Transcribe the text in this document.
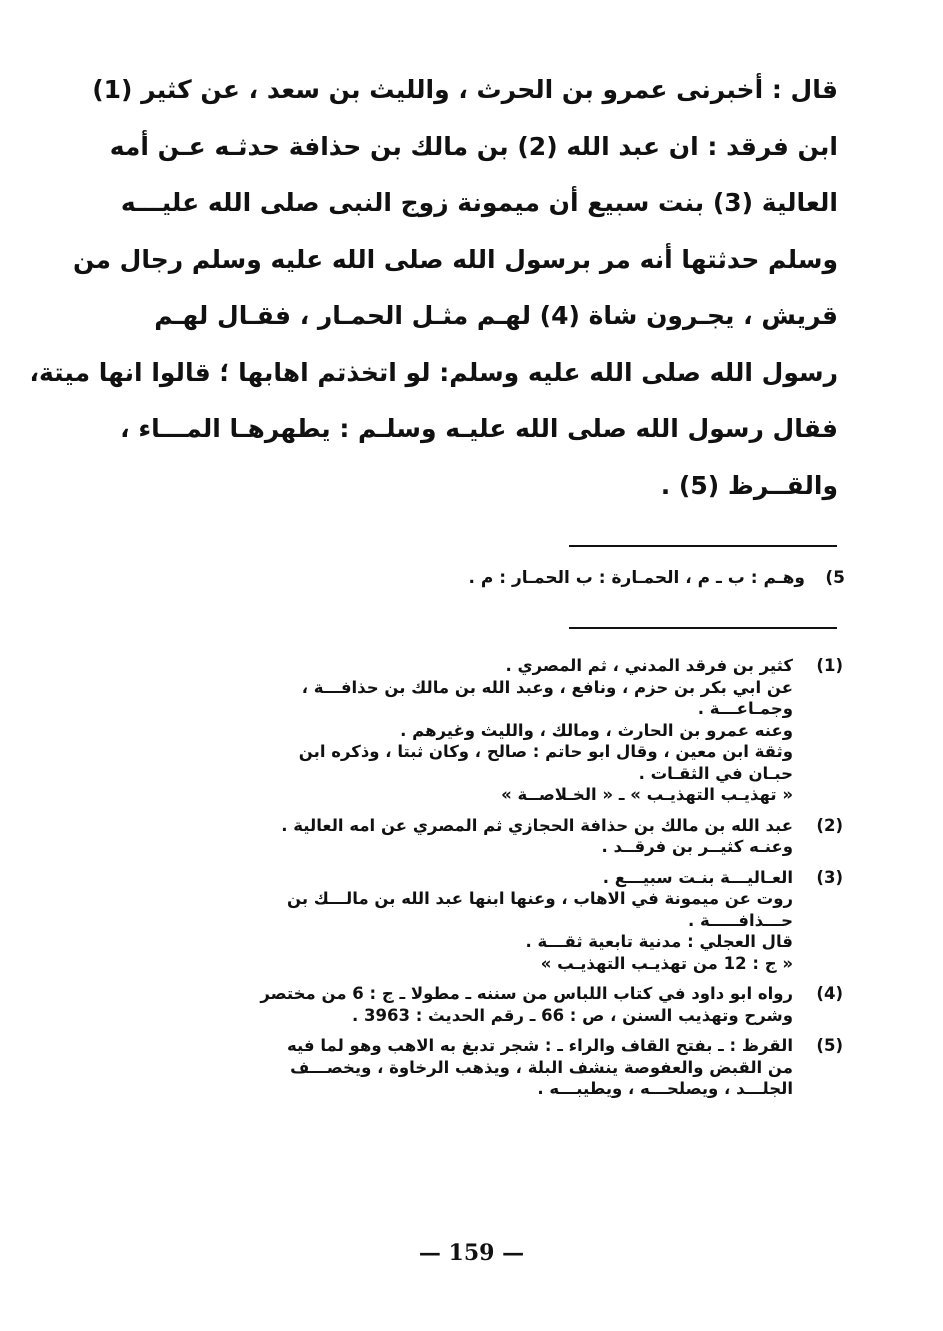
قال : أخبرنى عمرو بن الحرث ، والليث بن سعد ، عن كثير (1)
ابن فرقد : ان عبد الله (2) بن مالك بن حذافة حدثـه عـن أمه
العالية (3) بنت سبيع أن ميمونة زوج النبى صلى الله عليـــه
وسلم حدثتها أنه مر برسول الله صلى الله عليه وسلم رجال من
قريش ، يجـرون شاة (4) لهـم مثـل الحمـار ، فقـال لهـم
رسول الله صلى الله عليه وسلم: لو اتخذتم اهابها ؛ قالوا انها ميتة،
فقال رسول الله صلى الله عليـه وسلـم : يطهرهـا المـــاء ،
والقــرظ (5) .
5)وهـم : ب ـ م ، الحمـارة : ب الحمـار : م .
(1)
كثير بن فرقد المدني ، ثم المصري .
عن ابي بكر بن حزم ، ونافع ، وعبد الله بن مالك بن حذافـــة ،
وجمـاعـــة .
وعنه عمرو بن الحارث ، ومالك ، والليث وغيرهم .
وثقة ابن معين ، وقال ابو حاتم : صالح ، وكان ثبتا ، وذكره ابن
حبـان في الثقـات .
« تهذيـب التهذيـب » ـ « الخـلاصــة »
(2)
عبد الله بن مالك بن حذافة الحجازي ثم المصري عن امه العالية .
وعنـه كثيــر بن فرقــد .
(3)
العـاليـــة بنـت سبيـــع .
روت عن ميمونة في الاهاب ، وعنها ابنها عبد الله بن مالـــك بن
حـــذافـــــة .
قال العجلي : مدنية تابعية ثقـــة .
« ج : 12 من تهذيـب التهذيـب »
(4)
رواه ابو داود في كتاب اللباس من سننه ـ مطولا ـ ج : 6 من مختصر
وشرح وتهذيب السنن ، ص : 66 ـ رقم الحديث : 3963 .
(5)
القرظ : ـ بفتح القاف والراء ـ : شجر تدبغ به الاهب وهو لما فيه
من القبض والعفوصة ينشف البلة ، ويذهب الرخاوة ، ويخصـــف
الجلـــد ، ويصلحـــه ، ويطيبـــه .
— 159 —
